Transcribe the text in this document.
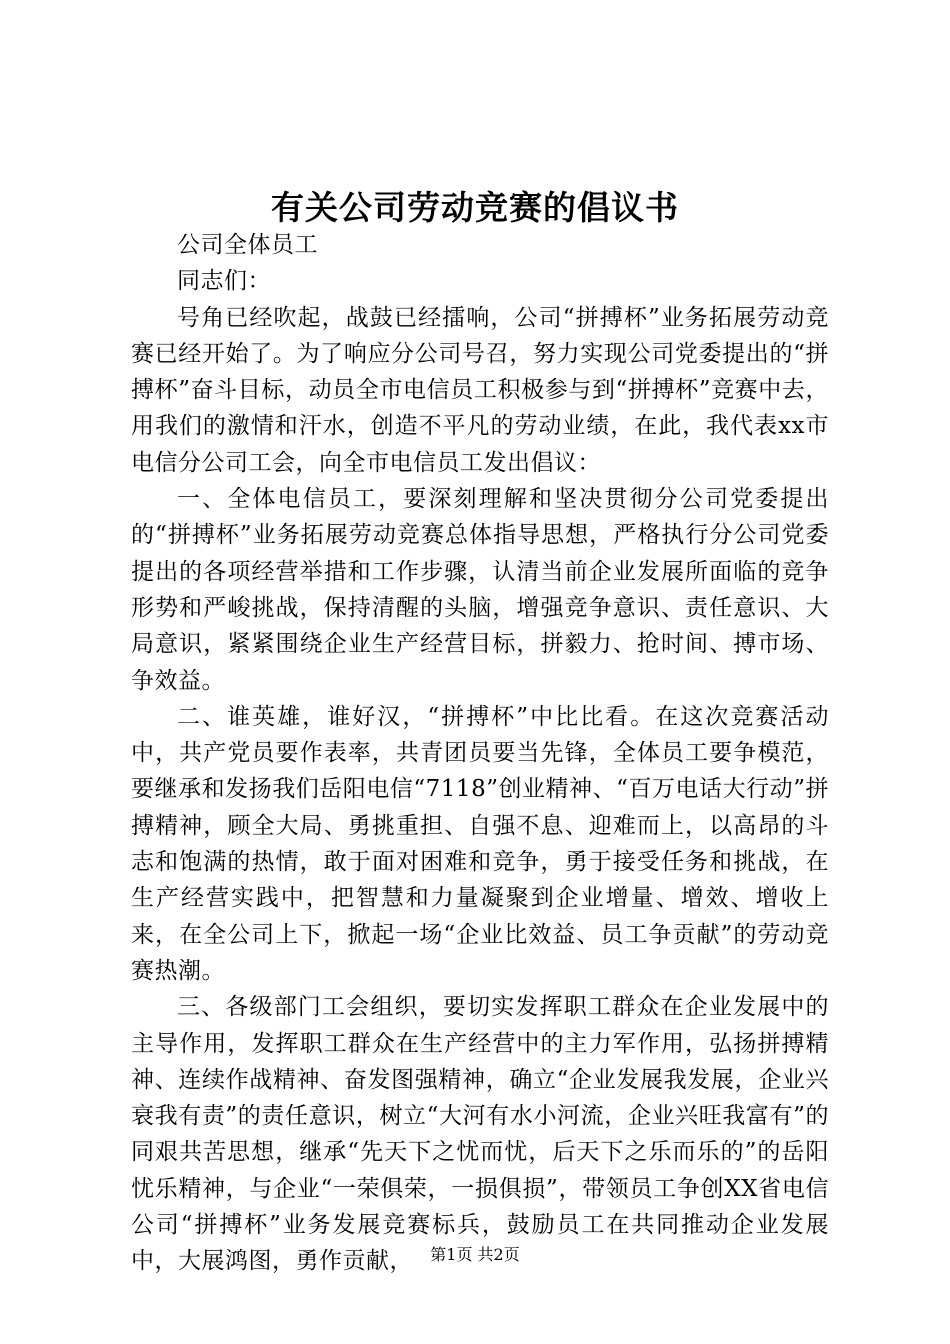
有关公司劳动竞赛的倡议书

公司全体员工

同志们：

号角已经吹起，战鼓已经擂响，公司“拼搏杯”业务拓展劳动竞赛已经开始了。为了响应分公司号召，努力实现公司党委提出的“拼搏杯”奋斗目标，动员全市电信员工积极参与到“拼搏杯”竞赛中去，用我们的激情和汗水，创造不平凡的劳动业绩，在此，我代表xx市电信分公司工会，向全市电信员工发出倡议：

一、全体电信员工，要深刻理解和坚决贯彻分公司党委提出的“拼搏杯”业务拓展劳动竞赛总体指导思想，严格执行分公司党委提出的各项经营举措和工作步骤，认清当前企业发展所面临的竞争形势和严峻挑战，保持清醒的头脑，增强竞争意识、责任意识、大局意识，紧紧围绕企业生产经营目标，拼毅力、抢时间、搏市场、争效益。

二、谁英雄，谁好汉，“拼搏杯”中比比看。在这次竞赛活动中，共产党员要作表率，共青团员要当先锋，全体员工要争模范，要继承和发扬我们岳阳电信“7118”创业精神、“百万电话大行动”拼搏精神，顾全大局、勇挑重担、自强不息、迎难而上，以高昂的斗志和饱满的热情，敢于面对困难和竞争，勇于接受任务和挑战，在生产经营实践中，把智慧和力量凝聚到企业增量、增效、增收上来，在全公司上下，掀起一场“企业比效益、员工争贡献”的劳动竞赛热潮。

三、各级部门工会组织，要切实发挥职工群众在企业发展中的主导作用，发挥职工群众在生产经营中的主力军作用，弘扬拼搏精神、连续作战精神、奋发图强精神，确立“企业发展我发展，企业兴衰我有责”的责任意识，树立“大河有水小河流，企业兴旺我富有”的同艰共苦思想，继承“先天下之忧而忧，后天下之乐而乐的”的岳阳忧乐精神，与企业“一荣俱荣，一损俱损”，带领员工争创XX省电信公司“拼搏杯”业务发展竞赛标兵，鼓励员工在共同推动企业发展中，大展鸿图，勇作贡献，	第1页 共2页
